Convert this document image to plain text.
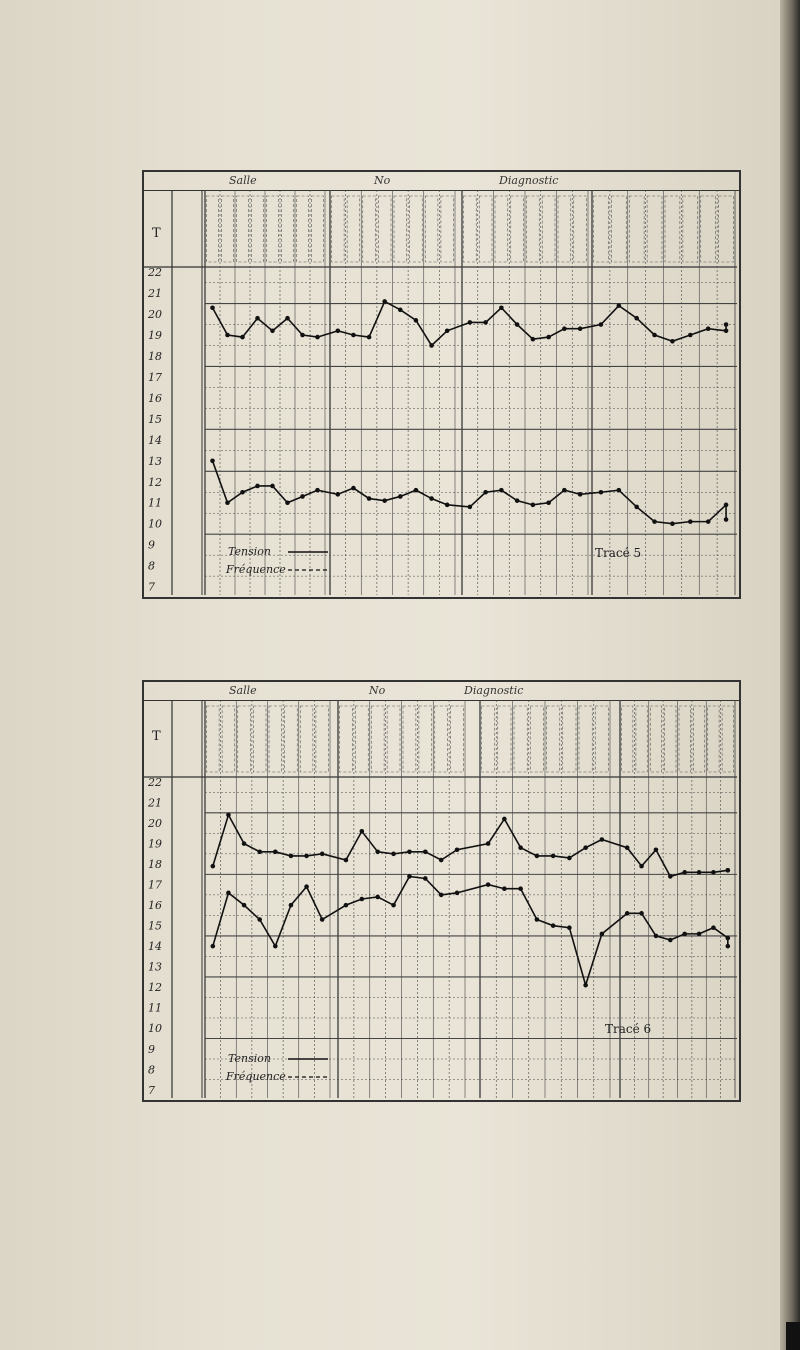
Salle	No	Diagnostic
T
22
21
20
19
18
17
16
15
14
13
12
11
10
9
8
7
Tension
Fréquence
Tracé 5
Salle	No	Diagnostic
T
22
21
20
19
18
17
16
15
14
13
12
11
10
9
8
7
Tension
Fréquence
Tracé 6
